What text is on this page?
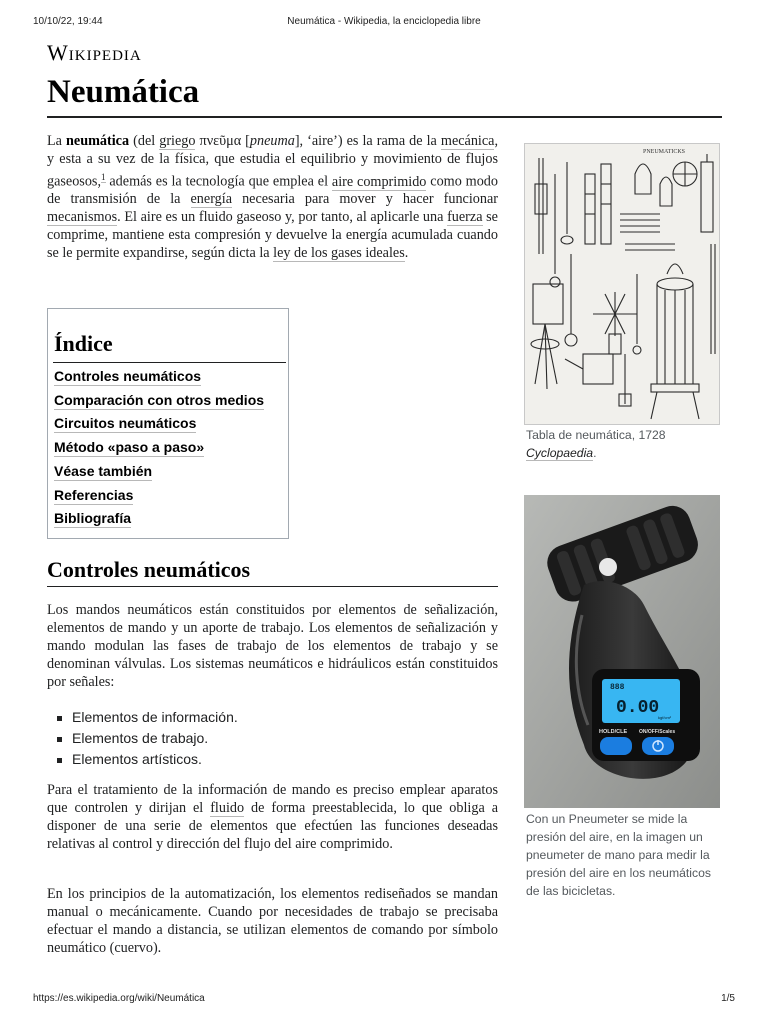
10/10/22, 19:44	Neumática - Wikipedia, la enciclopedia libre
Wikipedia
Neumática

La neumática (del griego πνεῦμα [pneuma], ‘aire’) es la rama de la mecánica, y esta a su vez de la física, que estudia el equilibrio y movimiento de flujos gaseosos,$^1$ además es la tecnología que emplea el aire comprimido como modo de transmisión de la energía necesaria para mover y hacer funcionar mecanismos. El aire es un fluido gaseoso y, por tanto, al aplicarle una fuerza se comprime, mantiene esta compresión y devuelve la energía acumulada cuando se le permite expandirse, según dicta la ley de los gases ideales.

Índice
Controles neumáticos
Comparación con otros medios
Circuitos neumáticos
Método «paso a paso»
Véase también
Referencias
Bibliografía
Controles neumáticos

Los mandos neumáticos están constituidos por elementos de señalización, elementos de mando y un aporte de trabajo. Los elementos de señalización y mando modulan las fases de trabajo de los elementos de trabajo y se denominan válvulas. Los sistemas neumáticos e hidráulicos están constituidos por señales:

Elementos de información.
Elementos de trabajo.
Elementos artísticos.

Para el tratamiento de la información de mando es preciso emplear aparatos que controlen y dirijan el fluido de forma preestablecida, lo que obliga a disponer de una serie de elementos que efectúen las funciones deseadas relativas al control y dirección del flujo del aire comprimido.

En los principios de la automatización, los elementos rediseñados se mandan manual o mecánicamente. Cuando por necesidades de trabajo se precisaba efectuar el mando a distancia, se utilizan elementos de comando por símbolo neumático (cuervo).

PNEUMATICKS
Tabla de neumática, 1728 Cyclopaedia.
888
0.00
kgf/cm²
HOLD/CLE ON/OFF/Scales
Con un Pneumeter se mide la presión del aire, en la imagen un pneumeter de mano para medir la presión del aire en los neumáticos de las bicicletas.
https://es.wikipedia.org/wiki/Neumática	1/5
